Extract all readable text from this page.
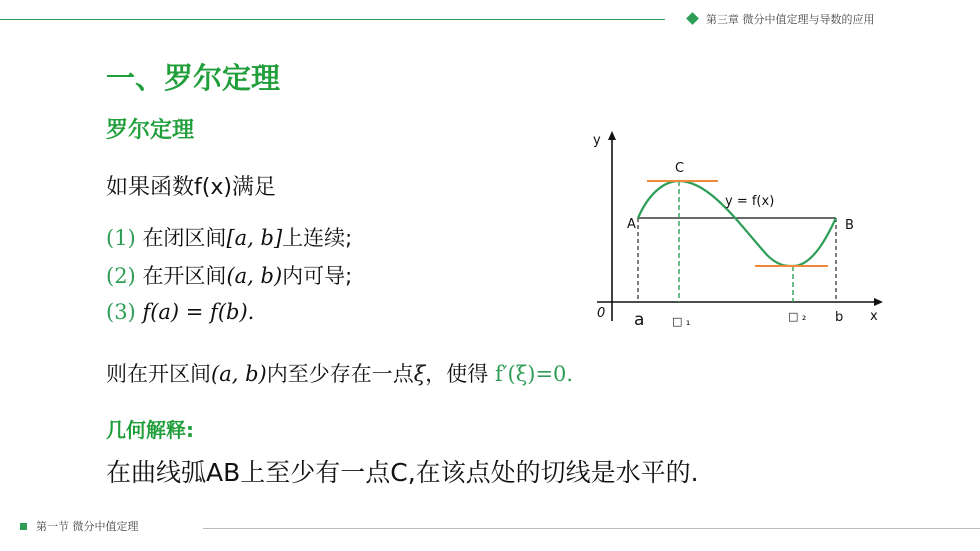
第三章 微分中值定理与导数的应用
一、罗尔定理
罗尔定理
如果函数f(x)满足
(1) 在闭区间[a, b]上连续;
(2) 在开区间(a, b)内可导;
(3) f(a) = f(b).
则在开区间(a, b)内至少存在一点ξ，使得 f′(ξ)=0.
几何解释:
在曲线弧AB上至少有一点C,在该点处的切线是水平的.
y
x
0
C
A	B
y = f(x)
a	□ ₁	□ ₂ b
第一节 微分中值定理
